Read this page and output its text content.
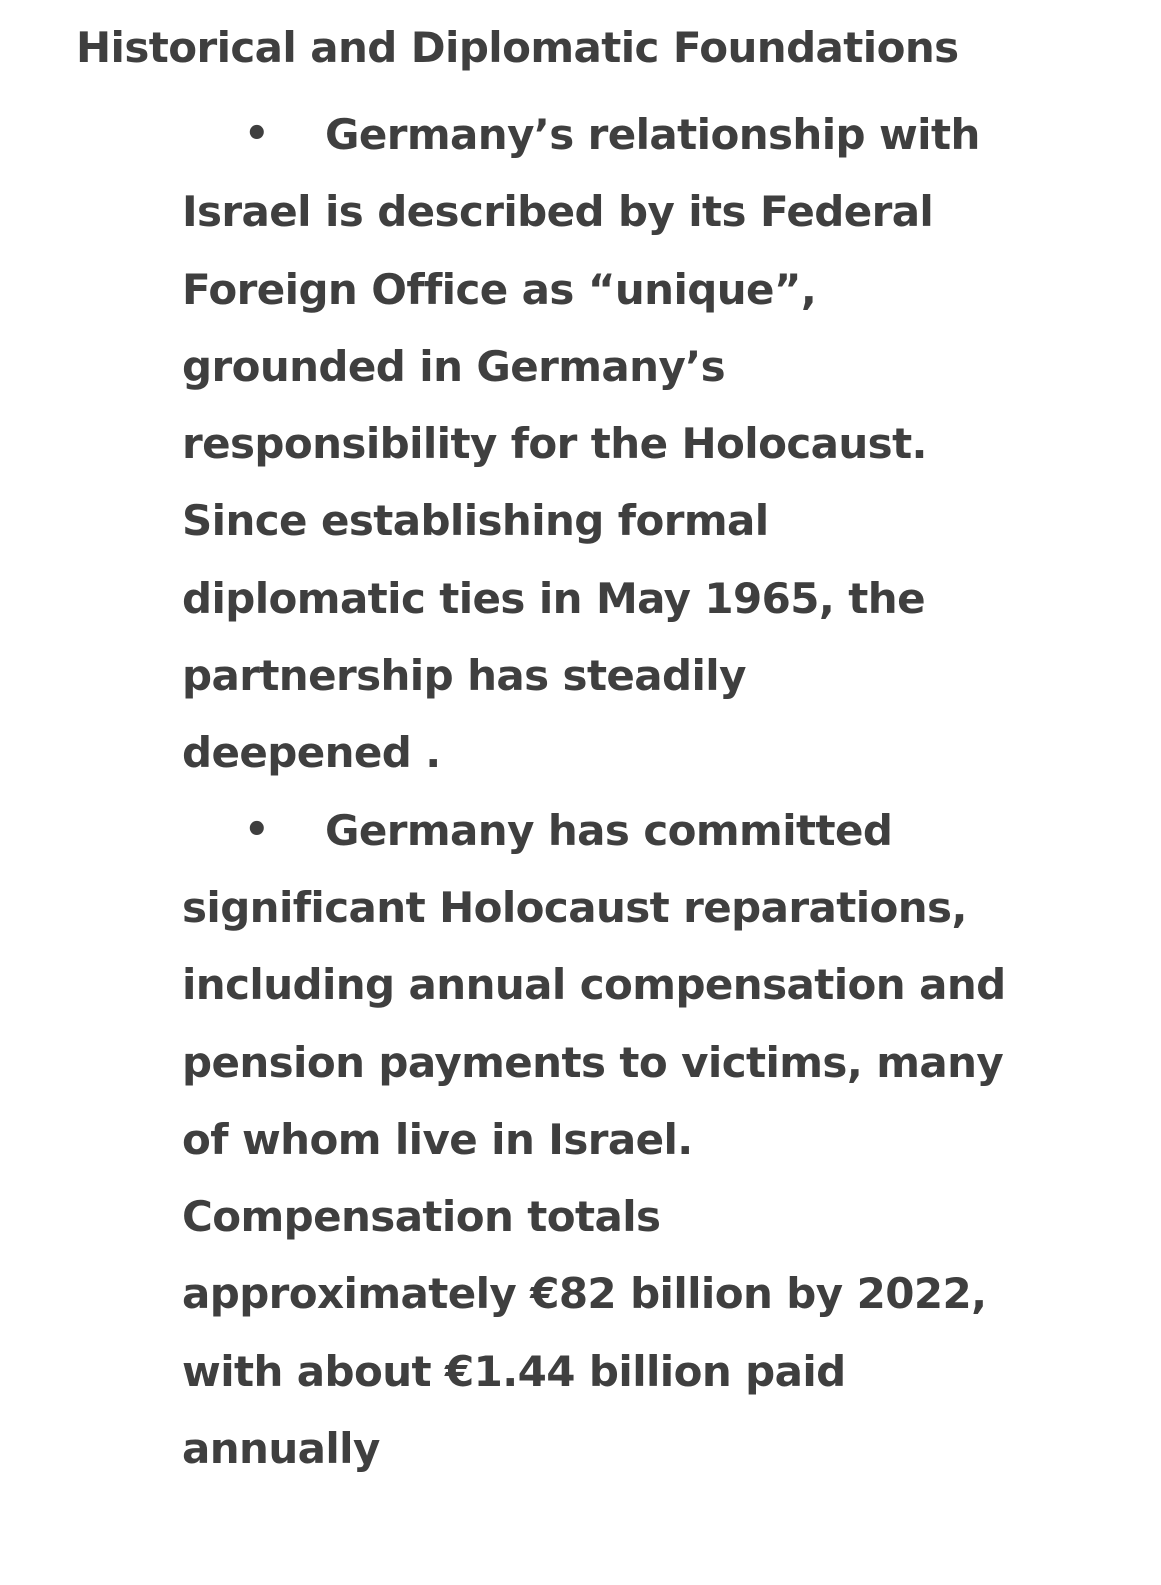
Historical and Diplomatic Foundations
•	Germany’s relationship with
Israel is described by its Federal
Foreign Office as “unique”,
grounded in Germany’s
responsibility for the Holocaust.
Since establishing formal
diplomatic ties in May 1965, the
partnership has steadily
deepened .
•	Germany has committed
significant Holocaust reparations,
including annual compensation and
pension payments to victims, many
of whom live in Israel.
Compensation totals
approximately €82 billion by 2022,
with about €1.44 billion paid
annually
